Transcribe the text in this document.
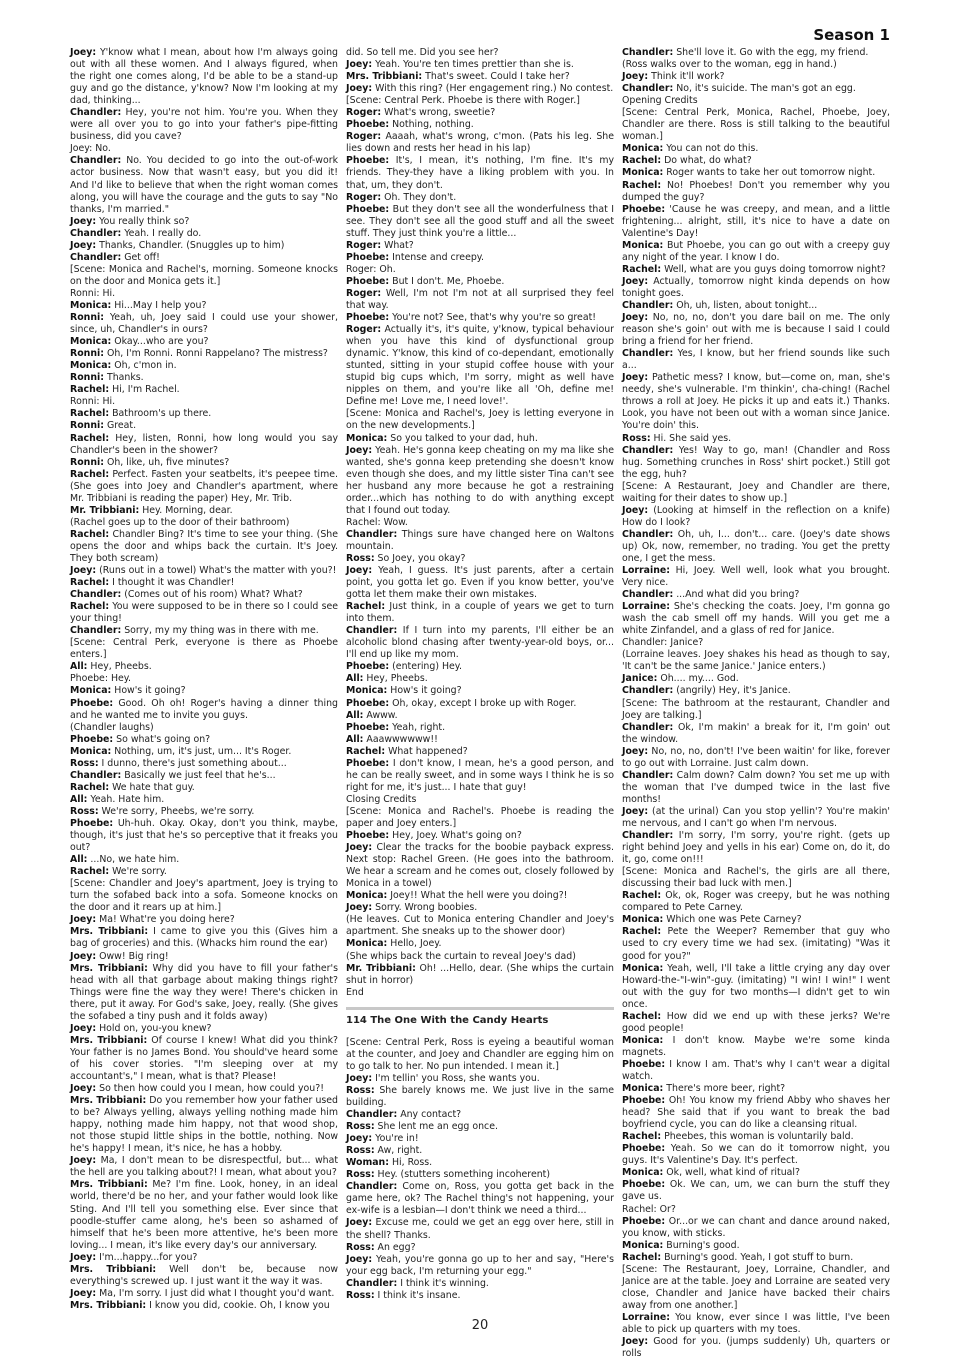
Season 1

Joey: Y'know what I mean, about how I'm always going out with all these women. And I always figured, when the right one comes along, I'd be able to be a stand-up guy and go the distance, y'know? Now I'm looking at my dad, thinking...

Chandler: Hey, you're not him. You're you. When they were all over you to go into your father's pipe-fitting business, did you cave?

Joey: No.

Chandler: No. You decided to go into the out-of-work actor business. Now that wasn't easy, but you did it! And I'd like to believe that when the right woman comes along, you will have the courage and the guts to say "No thanks, I'm married."

Joey: You really think so?

Chandler: Yeah. I really do.

Joey: Thanks, Chandler. (Snuggles up to him)

Chandler: Get off!

[Scene: Monica and Rachel's, morning. Someone knocks on the door and Monica gets it.]

Ronni: Hi.

Monica: Hi...May I help you?

Ronni: Yeah, uh, Joey said I could use your shower, since, uh, Chandler's in ours?

Monica: Okay...who are you?

Ronni: Oh, I'm Ronni. Ronni Rappelano? The mistress?

Monica: Oh, c'mon in.

Ronni: Thanks.

Rachel: Hi, I'm Rachel.

Ronni: Hi.

Rachel: Bathroom's up there.

Ronni: Great.

Rachel: Hey, listen, Ronni, how long would you say Chandler's been in the shower?

Ronni: Oh, like, uh, five minutes?

Rachel: Perfect. Fasten your seatbelts, it's peepee time. (She goes into Joey and Chandler's apartment, where Mr. Tribbiani is reading the paper) Hey, Mr. Trib.

Mr. Tribbiani: Hey. Morning, dear.

(Rachel goes up to the door of their bathroom)

Rachel: Chandler Bing? It's time to see your thing. (She opens the door and whips back the curtain. It's Joey. They both scream)

Joey: (Runs out in a towel) What's the matter with you?!

Rachel: I thought it was Chandler!

Chandler: (Comes out of his room) What? What?

Rachel: You were supposed to be in there so I could see your thing!

Chandler: Sorry, my my thing was in there with me.

[Scene: Central Perk, everyone is there as Phoebe enters.]

All: Hey, Pheebs.

Phoebe: Hey.

Monica: How's it going?

Phoebe: Good. Oh oh! Roger's having a dinner thing and he wanted me to invite you guys.

(Chandler laughs)

Phoebe: So what's going on?

Monica: Nothing, um, it's just, um... It's Roger.

Ross: I dunno, there's just something about...

Chandler: Basically we just feel that he's...

Rachel: We hate that guy.

All: Yeah. Hate him.

Ross: We're sorry, Pheebs, we're sorry.

Phoebe: Uh-huh. Okay. Okay, don't you think, maybe, though, it's just that he's so perceptive that it freaks you out?

All: ...No, we hate him.

Rachel: We're sorry.

[Scene: Chandler and Joey's apartment, Joey is trying to turn the sofabed back into a sofa. Someone knocks on the door and it rears up at him.]

Joey: Ma! What're you doing here?

Mrs. Tribbiani: I came to give you this (Gives him a bag of groceries) and this. (Whacks him round the ear)

Joey: Oww! Big ring!

Mrs. Tribbiani: Why did you have to fill your father's head with all that garbage about making things right? Things were fine the way they were! There's chicken in there, put it away. For God's sake, Joey, really. (She gives the sofabed a tiny push and it folds away)

Joey: Hold on, you-you knew?

Mrs. Tribbiani: Of course I knew! What did you think? Your father is no James Bond. You should've heard some of his cover stories. "I'm sleeping over at my accountant's," I mean, what is that? Please!

Joey: So then how could you I mean, how could you?!

Mrs. Tribbiani: Do you remember how your father used to be? Always yelling, always yelling nothing made him happy, nothing made him happy, not that wood shop, not those stupid little ships in the bottle, nothing. Now he's happy! I mean, it's nice, he has a hobby.

Joey: Ma, I don't mean to be disrespectful, but... what the hell are you talking about?! I mean, what about you?

Mrs. Tribbiani: Me? I'm fine. Look, honey, in an ideal world, there'd be no her, and your father would look like Sting. And I'll tell you something else. Ever since that poodle-stuffer came along, he's been so ashamed of himself that he's been more attentive, he's been more loving... I mean, it's like every day's our anniversary.

Joey: I'm...happy...for you?

Mrs. Tribbiani: Well don't be, because now everything's screwed up. I just want it the way it was.

Joey: Ma, I'm sorry. I just did what I thought you'd want.

Mrs. Tribbiani: I know you did, cookie. Oh, I know you

did. So tell me. Did you see her?

Joey: Yeah. You're ten times prettier than she is.

Mrs. Tribbiani: That's sweet. Could I take her?

Joey: With this ring? (Her engagement ring.) No contest.

[Scene: Central Perk. Phoebe is there with Roger.]

Roger: What's wrong, sweetie?

Phoebe: Nothing, nothing.

Roger: Aaaah, what's wrong, c'mon. (Pats his leg. She lies down and rests her head in his lap)

Phoebe: It's, I mean, it's nothing, I'm fine. It's my friends. They-they have a liking problem with you. In that, um, they don't.

Roger: Oh. They don't.

Phoebe: But they don't see all the wonderfulness that I see. They don't see all the good stuff and all the sweet stuff. They just think you're a little...

Roger: What?

Phoebe: Intense and creepy.

Roger: Oh.

Phoebe: But I don't. Me, Phoebe.

Roger: Well, I'm not I'm not at all surprised they feel that way.

Phoebe: You're not? See, that's why you're so great!

Roger: Actually it's, it's quite, y'know, typical behaviour when you have this kind of dysfunctional group dynamic. Y'know, this kind of co-dependant, emotionally stunted, sitting in your stupid coffee house with your stupid big cups which, I'm sorry, might as well have nipples on them, and you're like all 'Oh, define me! Define me! Love me, I need love!'.

[Scene: Monica and Rachel's, Joey is letting everyone in on the new developments.]

Monica: So you talked to your dad, huh.

Joey: Yeah. He's gonna keep cheating on my ma like she wanted, she's gonna keep pretending she doesn't know even though she does, and my little sister Tina can't see her husband any more because he got a restraining order...which has nothing to do with anything except that I found out today.

Rachel: Wow.

Chandler: Things sure have changed here on Waltons mountain.

Ross: So Joey, you okay?

Joey: Yeah, I guess. It's just parents, after a certain point, you gotta let go. Even if you know better, you've gotta let them make their own mistakes.

Rachel: Just think, in a couple of years we get to turn into them.

Chandler: If I turn into my parents, I'll either be an alcoholic blond chasing after twenty-year-old boys, or... I'll end up like my mom.

Phoebe: (entering) Hey.

All: Hey, Pheebs.

Monica: How's it going?

Phoebe: Oh, okay, except I broke up with Roger.

All: Awww.

Phoebe: Yeah, right.

All: Aaawwwwww!!

Rachel: What happened?

Phoebe: I don't know, I mean, he's a good person, and he can be really sweet, and in some ways I think he is so right for me, it's just... I hate that guy!

Closing Credits

[Scene: Monica and Rachel's. Phoebe is reading the paper and Joey enters.]

Phoebe: Hey, Joey. What's going on?

Joey: Clear the tracks for the boobie payback express. Next stop: Rachel Green. (He goes into the bathroom. We hear a scream and he comes out, closely followed by Monica in a towel)

Monica: Joey!! What the hell were you doing?!

Joey: Sorry. Wrong boobies.

(He leaves. Cut to Monica entering Chandler and Joey's apartment. She sneaks up to the shower door)

Monica: Hello, Joey.

(She whips back the curtain to reveal Joey's dad)

Mr. Tribbiani: Oh! ...Hello, dear. (She whips the curtain shut in horror)

End

114 The One With the Candy Hearts

[Scene: Central Perk, Ross is eyeing a beautiful woman at the counter, and Joey and Chandler are egging him on to go talk to her. No pun intended. I mean it.]

Joey: I'm tellin' you Ross, she wants you.

Ross: She barely knows me. We just live in the same building.

Chandler: Any contact?

Ross: She lent me an egg once.

Joey: You're in!

Ross: Aw, right.

Woman: Hi, Ross.

Ross: Hey. (stutters something incoherent)

Chandler: Come on, Ross, you gotta get back in the game here, ok? The Rachel thing's not happening, your ex-wife is a lesbian—I don't think we need a third...

Joey: Excuse me, could we get an egg over here, still in the shell? Thanks.

Ross: An egg?

Joey: Yeah, you're gonna go up to her and say, "Here's your egg back, I'm returning your egg."

Chandler: I think it's winning.

Ross: I think it's insane.

Chandler: She'll love it. Go with the egg, my friend.

(Ross walks over to the woman, egg in hand.)

Joey: Think it'll work?

Chandler: No, it's suicide. The man's got an egg.

Opening Credits

[Scene: Central Perk, Monica, Rachel, Phoebe, Joey, Chandler are there. Ross is still talking to the beautiful woman.]

Monica: You can not do this.

Rachel: Do what, do what?

Monica: Roger wants to take her out tomorrow night.

Rachel: No! Phoebes! Don't you remember why you dumped the guy?

Phoebe: 'Cause he was creepy, and mean, and a little frightening... alright, still, it's nice to have a date on Valentine's Day!

Monica: But Phoebe, you can go out with a creepy guy any night of the year. I know I do.

Rachel: Well, what are you guys doing tomorrow night?

Joey: Actually, tomorrow night kinda depends on how tonight goes.

Chandler: Oh, uh, listen, about tonight...

Joey: No, no, no, don't you dare bail on me. The only reason she's goin' out with me is because I said I could bring a friend for her friend.

Chandler: Yes, I know, but her friend sounds like such a...

Joey: Pathetic mess? I know, but—come on, man, she's needy, she's vulnerable. I'm thinkin', cha-ching! (Rachel throws a roll at Joey. He picks it up and eats it.) Thanks. Look, you have not been out with a woman since Janice. You're doin' this.

Ross: Hi. She said yes.

Chandler: Yes! Way to go, man! (Chandler and Ross hug. Something crunches in Ross' shirt pocket.) Still got the egg, huh?

[Scene: A Restaurant, Joey and Chandler are there, waiting for their dates to show up.]

Joey: (Looking at himself in the reflection on a knife) How do I look?

Chandler: Oh, uh, I... don't... care. (Joey's date shows up) Ok, now, remember, no trading. You get the pretty one, I get the mess.

Lorraine: Hi, Joey. Well well, look what you brought. Very nice.

Chandler: ...And what did you bring?

Lorraine: She's checking the coats. Joey, I'm gonna go wash the cab smell off my hands. Will you get me a white Zinfandel, and a glass of red for Janice.

Chandler: Janice?

(Lorraine leaves. Joey shakes his head as though to say, 'It can't be the same Janice.' Janice enters.)

Janice: Oh.... my.... God.

Chandler: (angrily) Hey, it's Janice.

[Scene: The bathroom at the restaurant, Chandler and Joey are talking.]

Chandler: Ok, I'm makin' a break for it, I'm goin' out the window.

Joey: No, no, no, don't! I've been waitin' for like, forever to go out with Lorraine. Just calm down.

Chandler: Calm down? Calm down? You set me up with the woman that I've dumped twice in the last five months!

Joey: (at the urinal) Can you stop yellin'? You're makin' me nervous, and I can't go when I'm nervous.

Chandler: I'm sorry, I'm sorry, you're right. (gets up right behind Joey and yells in his ear) Come on, do it, do it, go, come on!!!

[Scene: Monica and Rachel's, the girls are all there, discussing their bad luck with men.]

Rachel: Ok, ok, Roger was creepy, but he was nothing compared to Pete Carney.

Monica: Which one was Pete Carney?

Rachel: Pete the Weeper? Remember that guy who used to cry every time we had sex. (imitating) "Was it good for you?"

Monica: Yeah, well, I'll take a little crying any day over Howard-the-"I-win"-guy. (imitating) "I win! I win!" I went out with the guy for two months—I didn't get to win once.

Rachel: How did we end up with these jerks? We're good people!

Monica: I don't know. Maybe we're some kinda magnets.

Phoebe: I know I am. That's why I can't wear a digital watch.

Monica: There's more beer, right?

Phoebe: Oh! You know my friend Abby who shaves her head? She said that if you want to break the bad boyfriend cycle, you can do like a cleansing ritual.

Rachel: Pheebes, this woman is voluntarily bald.

Phoebe: Yeah. So we can do it tomorrow night, you guys. It's Valentine's Day. It's perfect.

Monica: Ok, well, what kind of ritual?

Phoebe: Ok. We can, um, we can burn the stuff they gave us.

Rachel: Or?

Phoebe: Or...or we can chant and dance around naked, you know, with sticks.

Monica: Burning's good.

Rachel: Burning's good. Yeah, I got stuff to burn.

[Scene: The Restaurant, Joey, Lorraine, Chandler, and Janice are at the table. Joey and Lorraine are seated very close, Chandler and Janice have backed their chairs away from one another.]

Lorraine: You know, ever since I was little, I've been able to pick up quarters with my toes.

Joey: Good for you. (jumps suddenly) Uh, quarters or rolls

20
